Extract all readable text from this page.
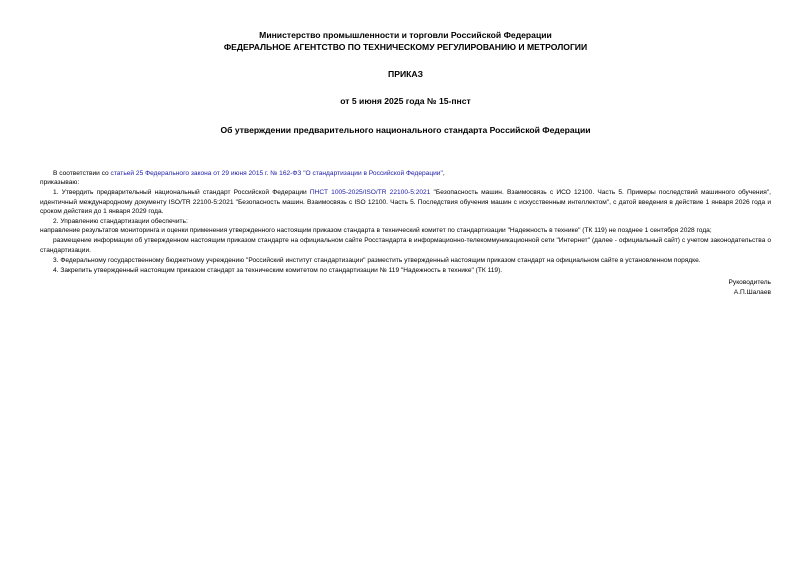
Министерство промышленности и торговли Российской Федерации
ФЕДЕРАЛЬНОЕ АГЕНТСТВО ПО ТЕХНИЧЕСКОМУ РЕГУЛИРОВАНИЮ И МЕТРОЛОГИИ
ПРИКАЗ
от 5 июня 2025 года № 15-пнст
Об утверждении предварительного национального стандарта Российской Федерации

В соответствии со статьей 25 Федерального закона от 29 июня 2015 г. № 162-ФЗ "О стандартизации в Российской Федерации",

приказываю:

1. Утвердить предварительный национальный стандарт Российской Федерации ПНСТ 1005-2025/ISO/TR 22100-5:2021 "Безопасность машин. Взаимосвязь с ИСО 12100. Часть 5. Примеры последствий машинного обучения", идентичный международному документу ISO/TR 22100-5:2021 "Безопасность машин. Взаимосвязь с ISO 12100. Часть 5. Последствия обучения машин с искусственным интеллектом", с датой введения в действие 1 января 2026 года и сроком действия до 1 января 2029 года.

2. Управлению стандартизации обеспечить:

направление результатов мониторинга и оценки применения утвержденного настоящим приказом стандарта в технический комитет по стандартизации "Надежность в технике" (ТК 119) не позднее 1 сентября 2028 года;

размещение информации об утвержденном настоящим приказом стандарте на официальном сайте Росстандарта в информационно-телекоммуникационной сети "Интернет" (далее - официальный сайт) с учетом законодательства о стандартизации.

3. Федеральному государственному бюджетному учреждению "Российский институт стандартизации" разместить утвержденный настоящим приказом стандарт на официальном сайте в установленном порядке.

4. Закрепить утвержденный настоящим приказом стандарт за техническим комитетом по стандартизации № 119 "Надежность в технике" (ТК 119).

Руководитель
А.П.Шалаев
